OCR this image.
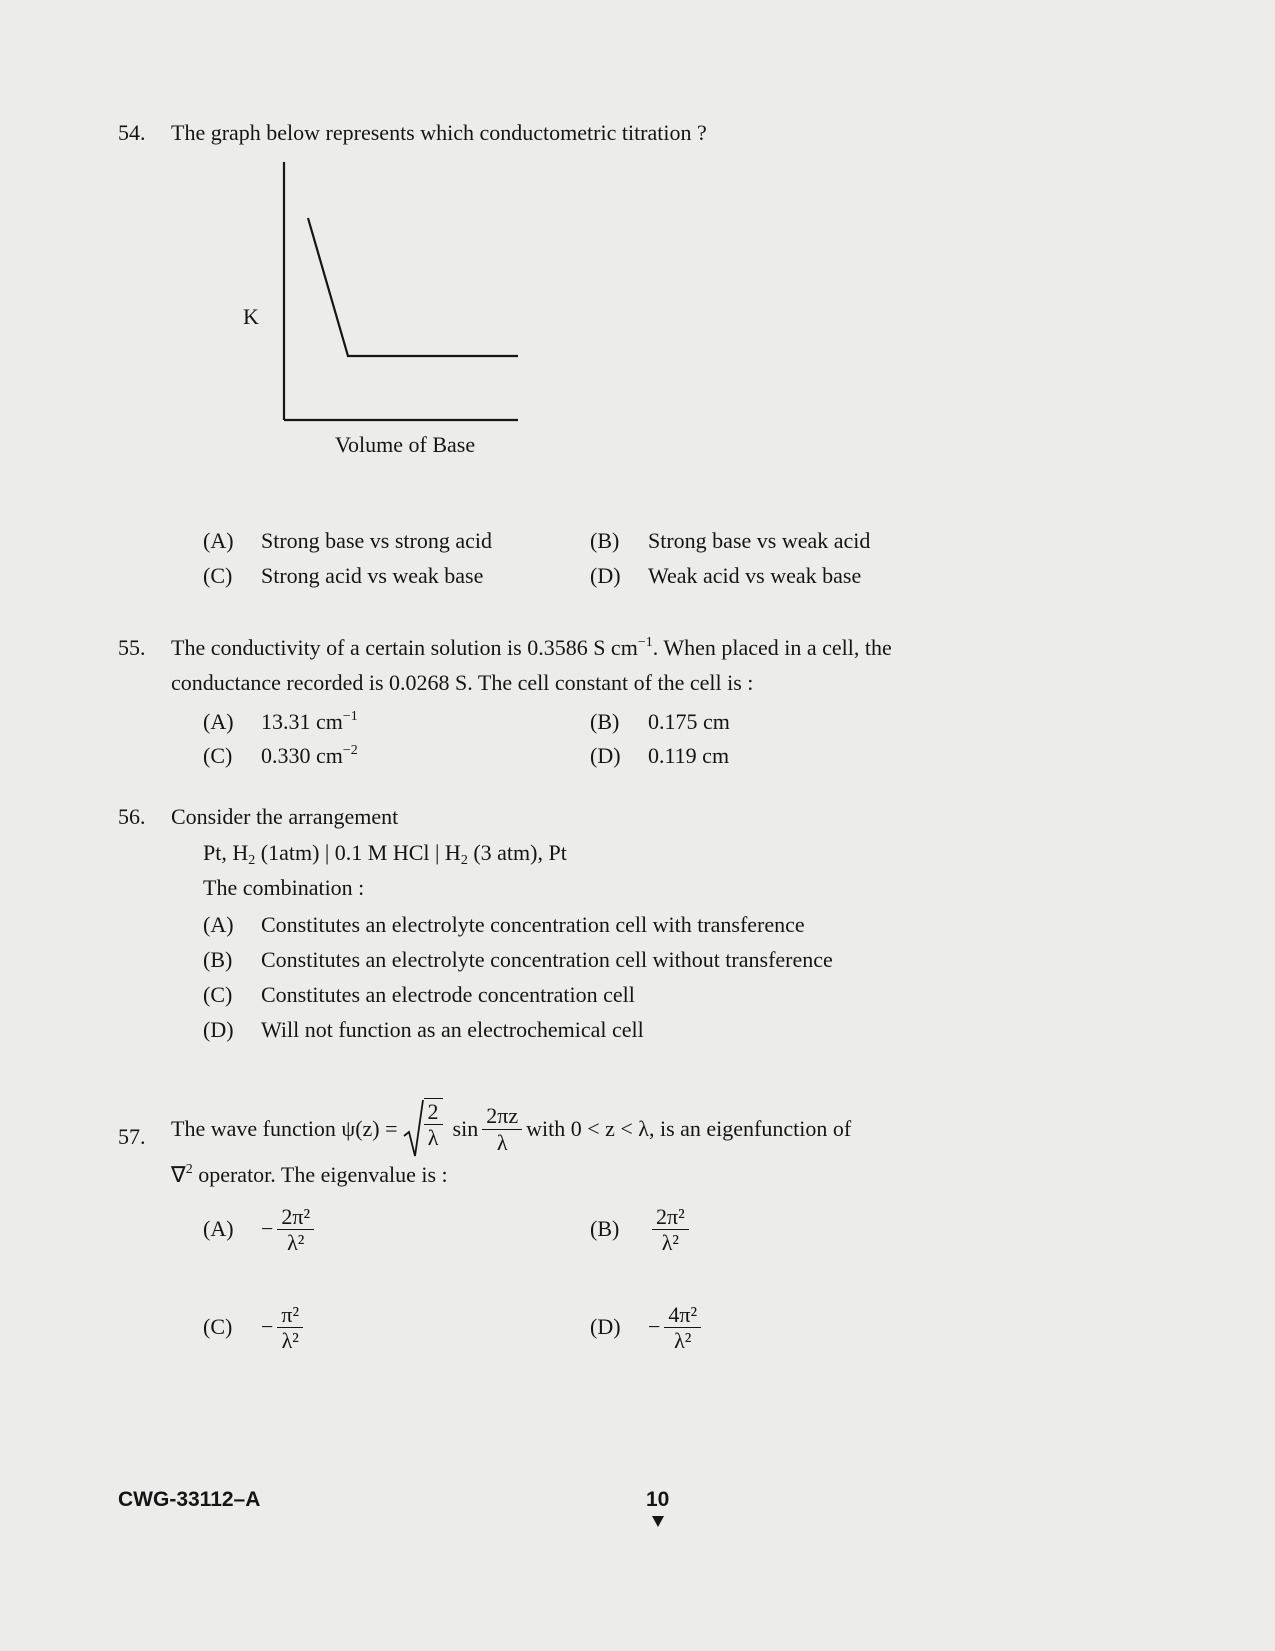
54. The graph below represents which conductometric titration ?
K
Volume of Base
(A) Strong base vs strong acid	(B) Strong base vs weak acid
(C) Strong acid vs weak base	(D) Weak acid vs weak base
55. The conductivity of a certain solution is 0.3586 S $cm^{-1}$. When placed in a cell, the
conductance recorded is 0.0268 S. The cell constant of the cell is :
(A) 13.31 $cm^{-1}$	(B) 0.175 cm
(C) 0.330 $cm^{-2}$	(D) 0.119 cm
56. Consider the arrangement
Pt, $H_2$ (1atm) | 0.1 M HCl | $H_2$ (3 atm), Pt
The combination :
(A) Constitutes an electrolyte concentration cell with transference
(B) Constitutes an electrolyte concentration cell without transference
(C) Constitutes an electrode concentration cell
(D) Will not function as an electrochemical cell
57. The wave function $\psi(z) = \frac{2}{\lambda}$ $\sin \frac{2\pi z}{\lambda}$ with 0 < z < λ, is an eigenfunction of
∇$^2$ operator. The eigenvalue is :
(A)	− $\frac{\text{2π²}}{\text{λ²}}$	(B)	$\frac{\text{2π²}}{\text{λ²}}$
(C)	− $\frac{\text{π²}}{\text{λ²}}$	(D)	− $\frac{\text{4π²}}{\text{λ²}}$
CWG-33112–A	10
